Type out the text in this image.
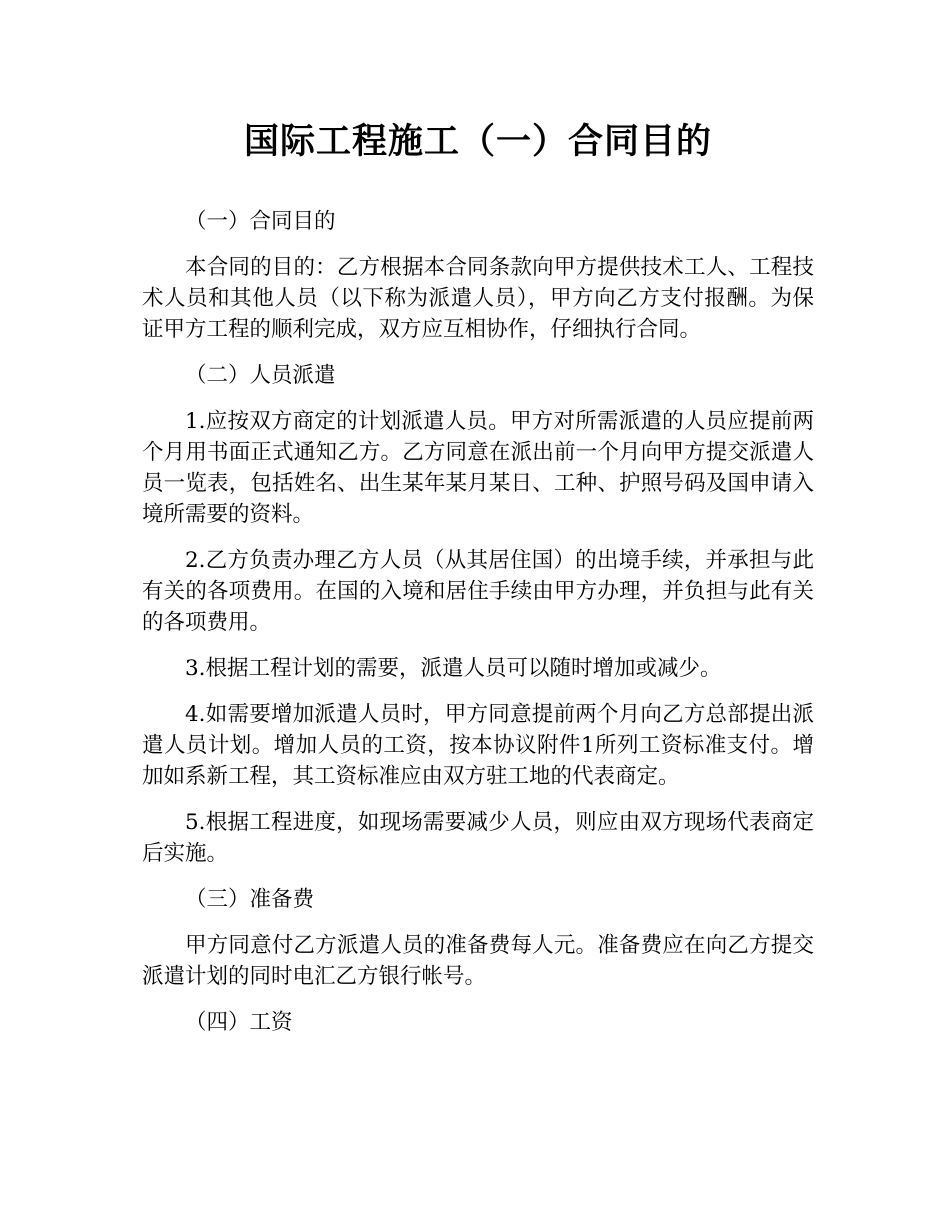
国际工程施工（一）合同目的

（一）合同目的

本合同的目的：乙方根据本合同条款向甲方提供技术工人、工程技术人员和其他人员（以下称为派遣人员），甲方向乙方支付报酬。为保证甲方工程的顺利完成，双方应互相协作，仔细执行合同。

（二）人员派遣

1.应按双方商定的计划派遣人员。甲方对所需派遣的人员应提前两个月用书面正式通知乙方。乙方同意在派出前一个月向甲方提交派遣人员一览表，包括姓名、出生某年某月某日、工种、护照号码及国申请入境所需要的资料。

2.乙方负责办理乙方人员（从其居住国）的出境手续，并承担与此有关的各项费用。在国的入境和居住手续由甲方办理，并负担与此有关的各项费用。

3.根据工程计划的需要，派遣人员可以随时增加或减少。

4.如需要增加派遣人员时，甲方同意提前两个月向乙方总部提出派遣人员计划。增加人员的工资，按本协议附件1所列工资标准支付。增加如系新工程，其工资标准应由双方驻工地的代表商定。

5.根据工程进度，如现场需要减少人员，则应由双方现场代表商定后实施。

（三）准备费

甲方同意付乙方派遣人员的准备费每人元。准备费应在向乙方提交派遣计划的同时电汇乙方银行帐号。

（四）工资
